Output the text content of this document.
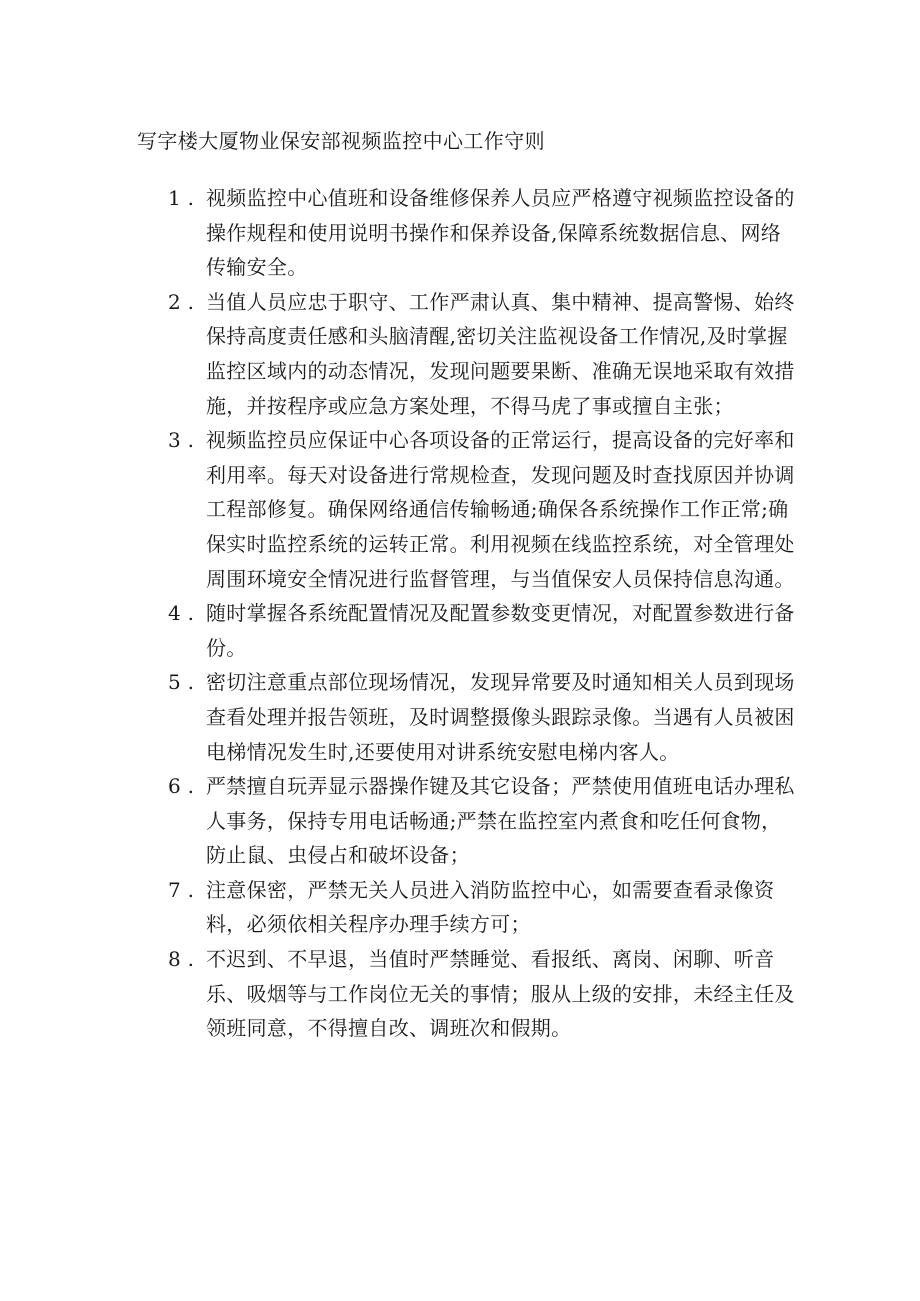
写字楼大厦物业保安部视频监控中心工作守则
1 . 视频监控中心值班和设备维修保养人员应严格遵守视频监控设备的操作规程和使用说明书操作和保养设备,保障系统数据信息、网络传输安全。
2 . 当值人员应忠于职守、工作严肃认真、集中精神、提高警惕、始终保持高度责任感和头脑清醒,密切关注监视设备工作情况,及时掌握监控区域内的动态情况，发现问题要果断、准确无误地采取有效措施，并按程序或应急方案处理，不得马虎了事或擅自主张；
3 . 视频监控员应保证中心各项设备的正常运行，提高设备的完好率和利用率。每天对设备进行常规检查，发现问题及时查找原因并协调工程部修复。确保网络通信传输畅通;确保各系统操作工作正常;确保实时监控系统的运转正常。利用视频在线监控系统，对全管理处周围环境安全情况进行监督管理，与当值保安人员保持信息沟通。
4 . 随时掌握各系统配置情况及配置参数变更情况，对配置参数进行备份。
5 . 密切注意重点部位现场情况，发现异常要及时通知相关人员到现场查看处理并报告领班，及时调整摄像头跟踪录像。当遇有人员被困电梯情况发生时,还要使用对讲系统安慰电梯内客人。
6 . 严禁擅自玩弄显示器操作键及其它设备；严禁使用值班电话办理私人事务，保持专用电话畅通;严禁在监控室内煮食和吃任何食物，防止鼠、虫侵占和破坏设备；
7 . 注意保密，严禁无关人员进入消防监控中心，如需要查看录像资料，必须依相关程序办理手续方可；
8 . 不迟到、不早退，当值时严禁睡觉、看报纸、离岗、闲聊、听音乐、吸烟等与工作岗位无关的事情；服从上级的安排，未经主任及领班同意，不得擅自改、调班次和假期。
